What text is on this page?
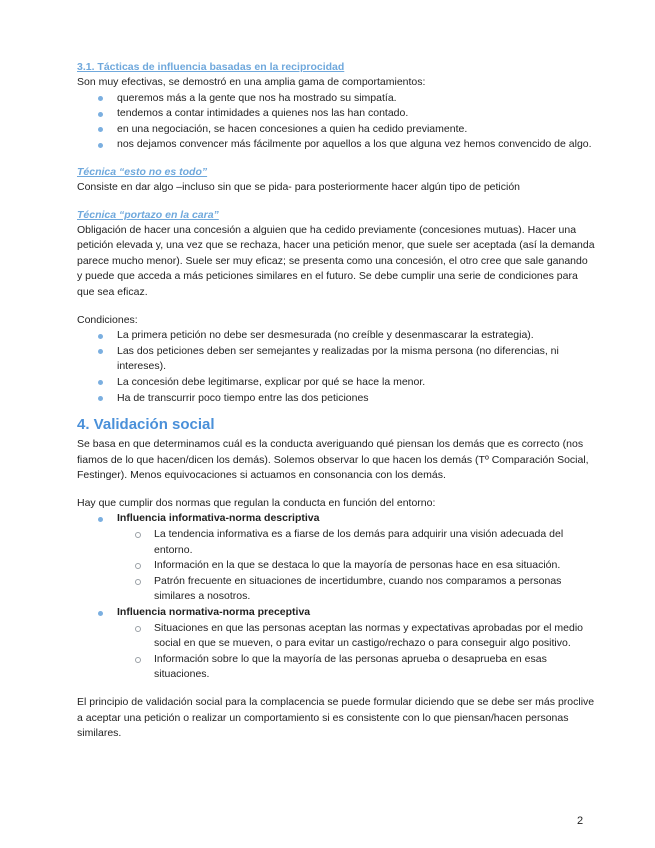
3.1. Tácticas de influencia basadas en la reciprocidad

Son muy efectivas, se demostró en una amplia gama de comportamientos:

queremos más a la gente que nos ha mostrado su simpatía.
tendemos a contar intimidades a quienes nos las han contado.
en una negociación, se hacen concesiones a quien ha cedido previamente.
nos dejamos convencer más fácilmente por aquellos a los que alguna vez hemos convencido de algo.
Técnica “esto no es todo”

Consiste en dar algo –incluso sin que se pida- para posteriormente hacer algún tipo de petición

Técnica “portazo en la cara”

Obligación de hacer una concesión a alguien que ha cedido previamente (concesiones mutuas). Hacer una petición elevada y, una vez que se rechaza, hacer una petición menor, que suele ser aceptada (así la demanda parece mucho menor). Suele ser muy eficaz; se presenta como una concesión, el otro cree que sale ganando y puede que acceda a más peticiones similares en el futuro. Se debe cumplir una serie de condiciones para que sea eficaz.

Condiciones:

La primera petición no debe ser desmesurada (no creíble y desenmascarar la estrategia).
Las dos peticiones deben ser semejantes y realizadas por la misma persona (no diferencias, ni intereses).
La concesión debe legitimarse, explicar por qué se hace la menor.
Ha de transcurrir poco tiempo entre las dos peticiones
4. Validación social

Se basa en que determinamos cuál es la conducta averiguando qué piensan los demás que es correcto (nos fiamos de lo que hacen/dicen los demás). Solemos observar lo que hacen los demás (Tº Comparación Social, Festinger). Menos equivocaciones si actuamos en consonancia con los demás.

Hay que cumplir dos normas que regulan la conducta en función del entorno:

Influencia informativa-norma descriptiva
La tendencia informativa es a fiarse de los demás para adquirir una visión adecuada del entorno.
Información en la que se destaca lo que la mayoría de personas hace en esa situación.
Patrón frecuente en situaciones de incertidumbre, cuando nos comparamos a personas similares a nosotros.
Influencia normativa-norma preceptiva
Situaciones en que las personas aceptan las normas y expectativas aprobadas por el medio social en que se mueven, o para evitar un castigo/rechazo o para conseguir algo positivo.
Información sobre lo que la mayoría de las personas aprueba o desaprueba en esas situaciones.

El principio de validación social para la complacencia se puede formular diciendo que se debe ser más proclive a aceptar una petición o realizar un comportamiento si es consistente con lo que piensan/hacen personas similares.

2
